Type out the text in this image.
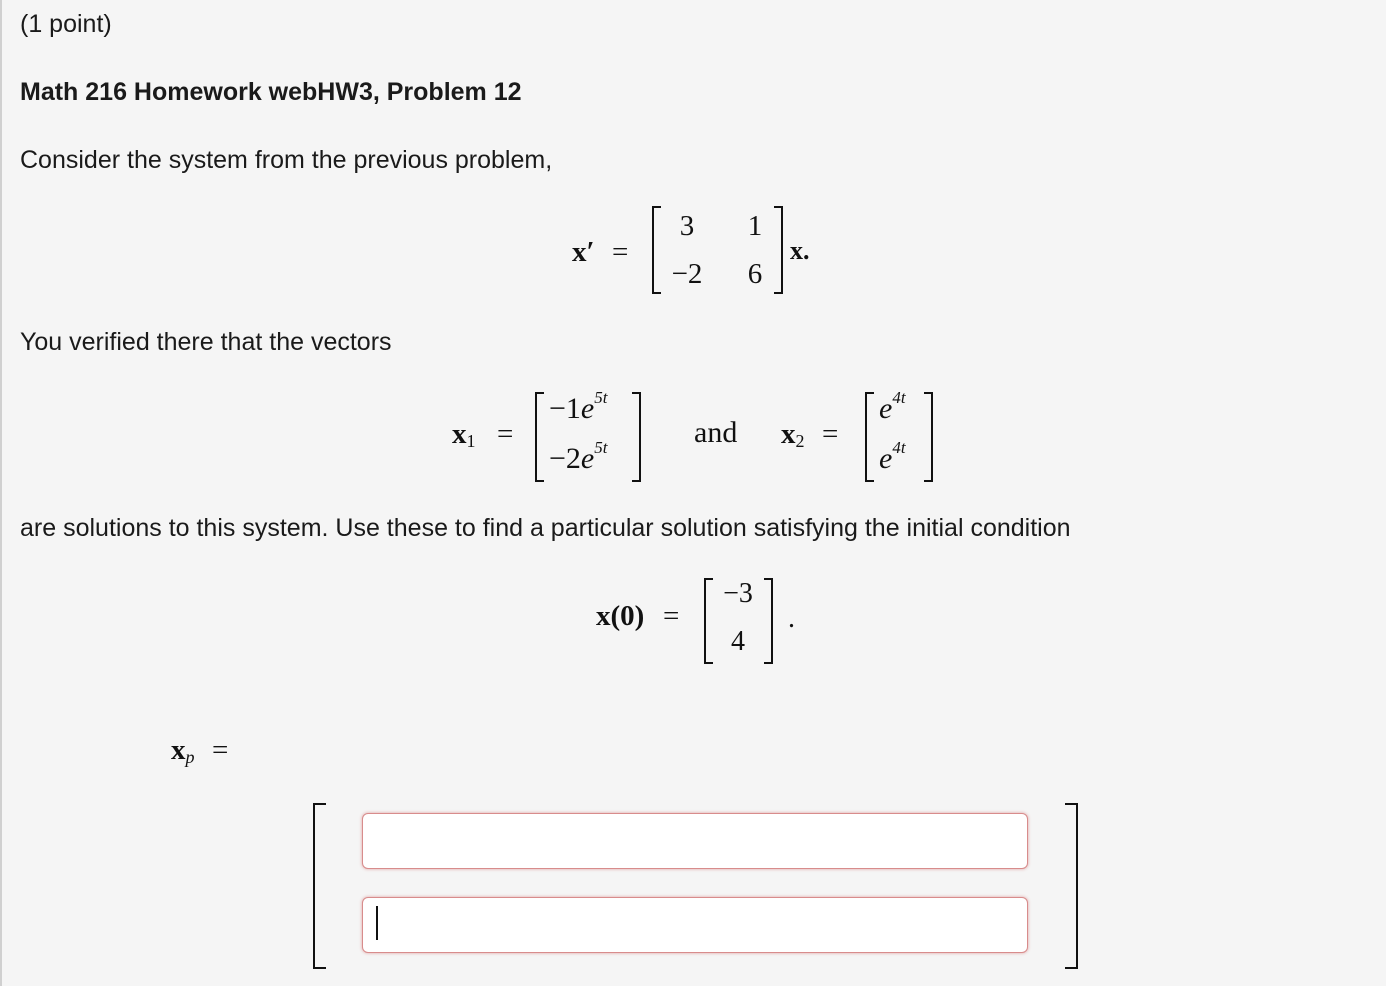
(1 point)
Math 216 Homework webHW3, Problem 12
Consider the system from the previous problem,
x′ =
3	1
−2	6
x.
You verified there that the vectors
$x_1$ =
$-1e^{5t}$
$-2e^{5t}$	and $x_2$ =
$e^{4t}$
$e^{4t}$
are solutions to this system. Use these to find a particular solution satisfying the initial condition
x(0) =
−3
4
.
$x_p$ =
